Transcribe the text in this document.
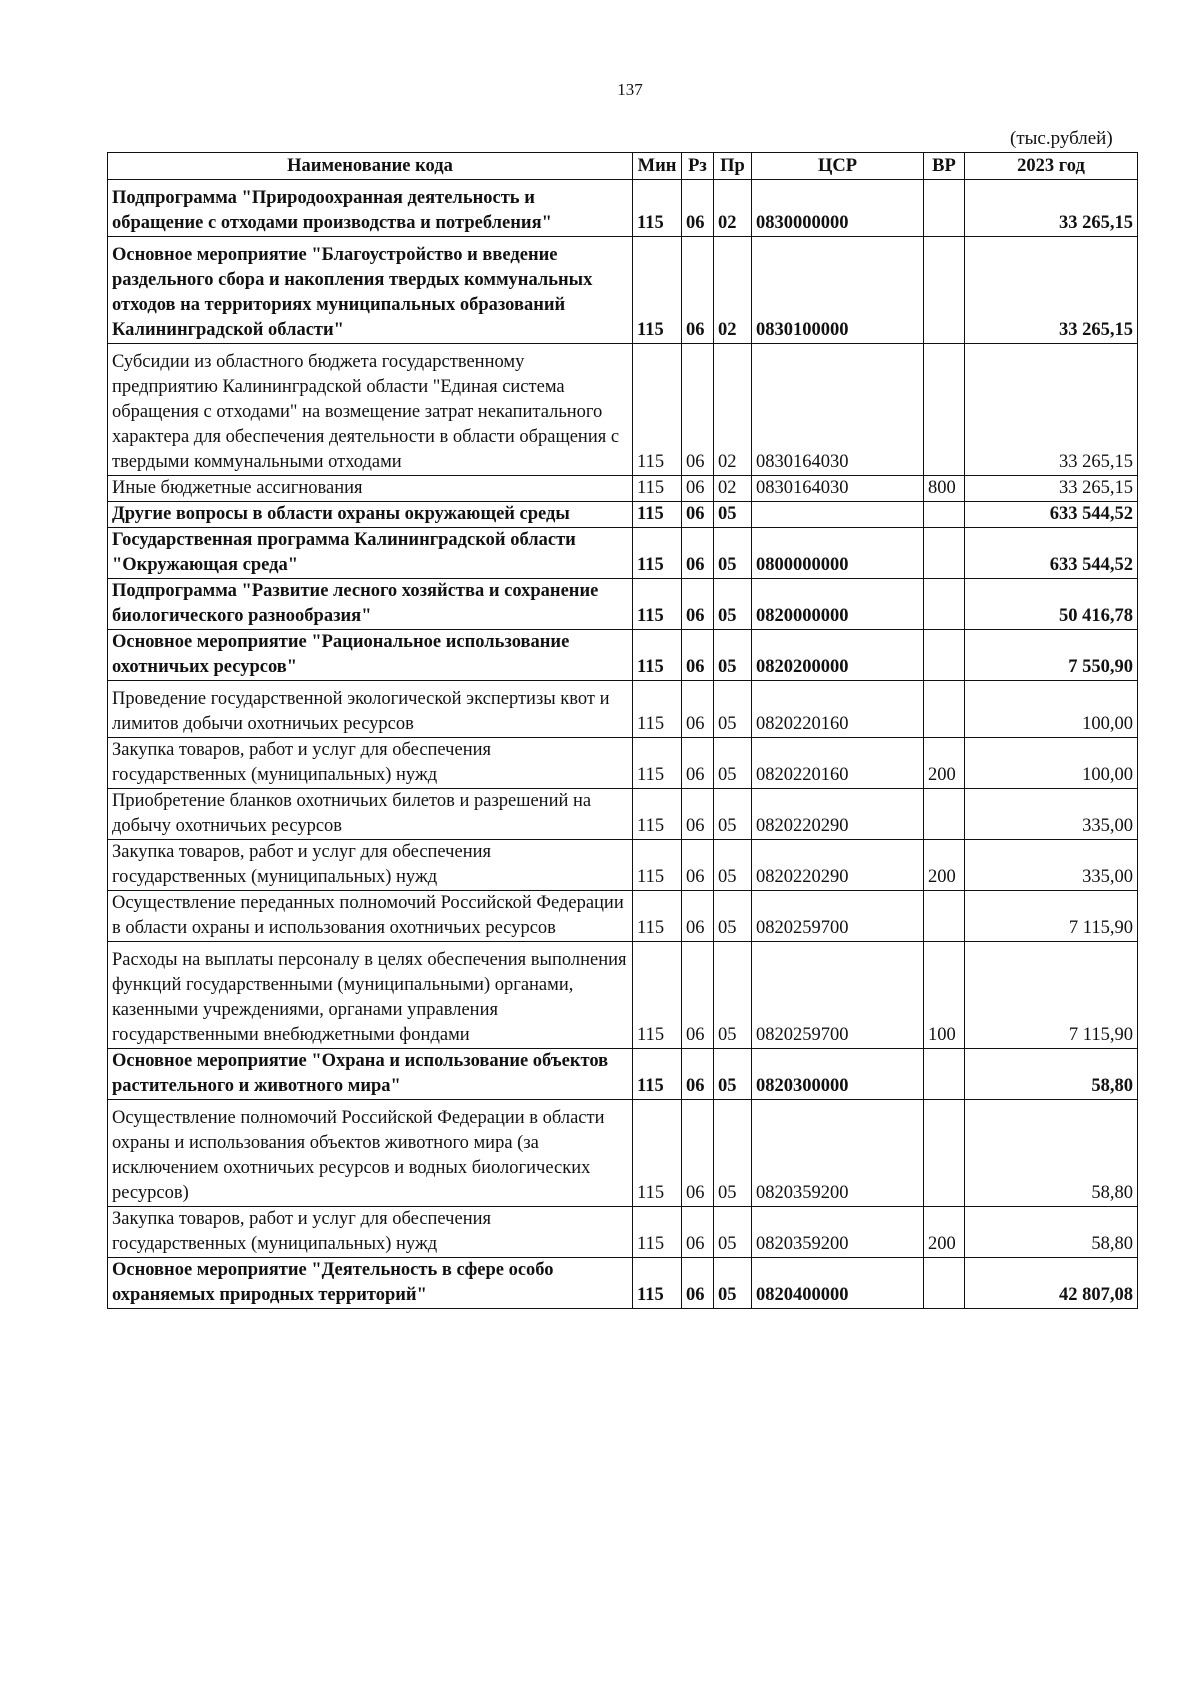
137
(тыс.рублей)
Наименование кода	Мин	Рз	Пр	ЦСР	ВР	2023 год
Подпрограмма "Природоохранная деятельность и обращение с отходами производства и потребления"	115	06	02	0830000000		33 265,15
Основное мероприятие "Благоустройство и введение раздельного сбора и накопления твердых коммунальных отходов на территориях муниципальных образований Калининградской области"	115	06	02	0830100000		33 265,15
Субсидии из областного бюджета государственному предприятию Калининградской области "Единая система обращения с отходами" на возмещение затрат некапитального характера для обеспечения деятельности в области обращения с твердыми коммунальными отходами	115	06	02	0830164030		33 265,15
Иные бюджетные ассигнования	115	06	02	0830164030	800	33 265,15
Другие вопросы в области охраны окружающей среды	115	06	05			633 544,52
Государственная программа Калининградской области "Окружающая среда"	115	06	05	0800000000		633 544,52
Подпрограмма "Развитие лесного хозяйства и сохранение биологического разнообразия"	115	06	05	0820000000		50 416,78
Основное мероприятие "Рациональное использование охотничьих ресурсов"	115	06	05	0820200000		7 550,90
Проведение государственной экологической экспертизы квот и лимитов добычи охотничьих ресурсов	115	06	05	0820220160		100,00
Закупка товаров, работ и услуг для обеспечения государственных (муниципальных) нужд	115	06	05	0820220160	200	100,00
Приобретение бланков охотничьих билетов и разрешений на добычу охотничьих ресурсов	115	06	05	0820220290		335,00
Закупка товаров, работ и услуг для обеспечения государственных (муниципальных) нужд	115	06	05	0820220290	200	335,00
Осуществление переданных полномочий Российской Федерации в области охраны и использования охотничьих ресурсов	115	06	05	0820259700		7 115,90
Расходы на выплаты персоналу в целях обеспечения выполнения функций государственными (муниципальными) органами, казенными учреждениями, органами управления государственными внебюджетными фондами	115	06	05	0820259700	100	7 115,90
Основное мероприятие "Охрана и использование объектов растительного и животного мира"	115	06	05	0820300000		58,80
Осуществление полномочий Российской Федерации в области охраны и использования объектов животного мира (за исключением охотничьих ресурсов и водных биологических ресурсов)	115	06	05	0820359200		58,80
Закупка товаров, работ и услуг для обеспечения государственных (муниципальных) нужд	115	06	05	0820359200	200	58,80
Основное мероприятие "Деятельность в сфере особо охраняемых природных территорий"	115	06	05	0820400000		42 807,08
